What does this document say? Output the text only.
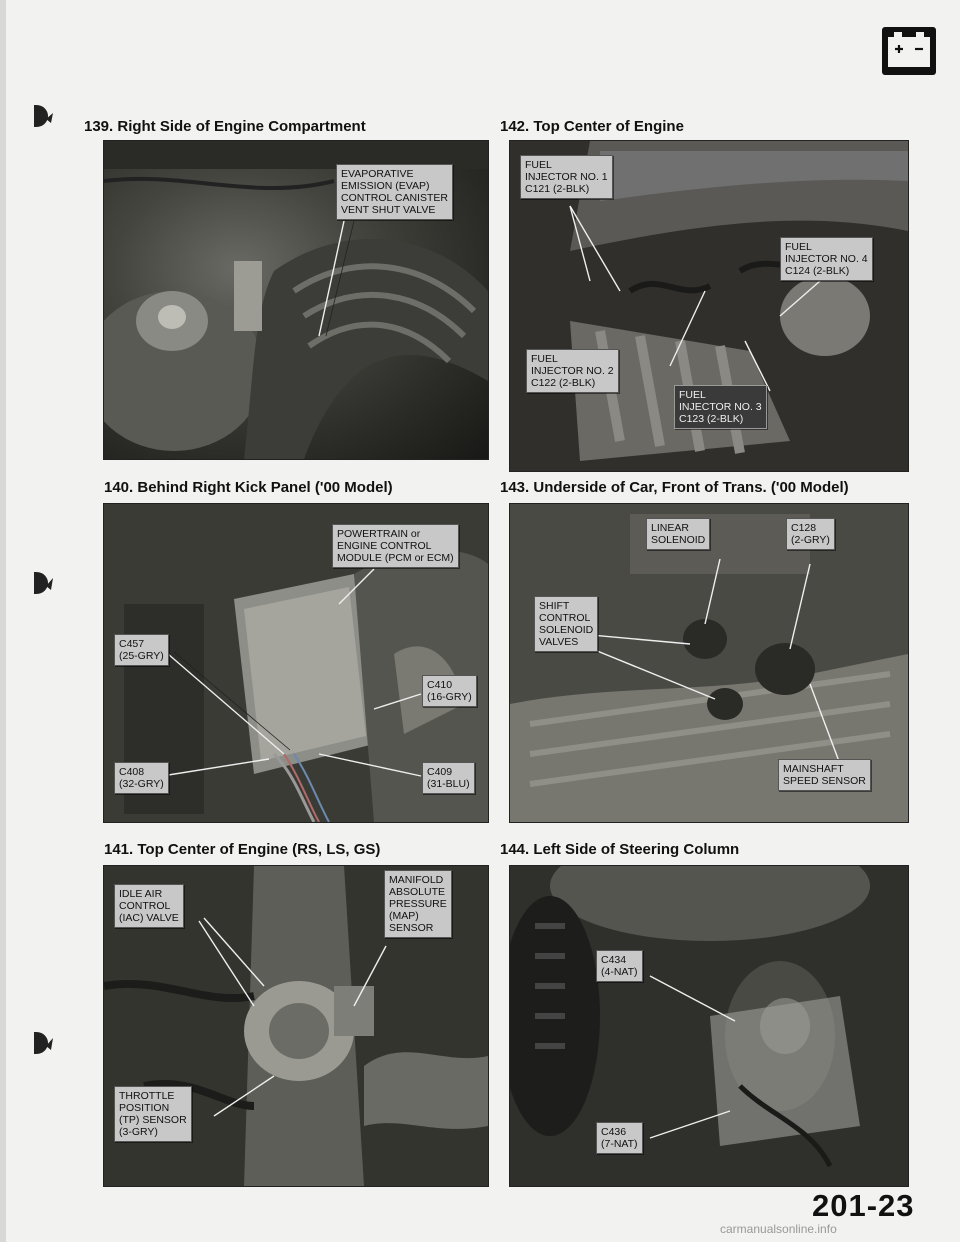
139. Right Side of Engine Compartment
EVAPORATIVE
EMISSION (EVAP)
CONTROL CANISTER
VENT SHUT VALVE
140. Behind Right Kick Panel ('00 Model)
POWERTRAIN or
ENGINE CONTROL
MODULE (PCM or ECM)
C457
(25-GRY)
C410
(16-GRY)
C408
(32-GRY)
C409
(31-BLU)
141. Top Center of Engine (RS, LS, GS)
IDLE AIR
CONTROL
(IAC) VALVE
MANIFOLD
ABSOLUTE
PRESSURE
(MAP)
SENSOR
THROTTLE
POSITION
(TP) SENSOR
(3-GRY)
142. Top Center of Engine
FUEL
INJECTOR NO. 1
C121 (2-BLK)
FUEL
INJECTOR NO. 4
C124 (2-BLK)
FUEL
INJECTOR NO. 2
C122 (2-BLK)
FUEL
INJECTOR NO. 3
C123 (2-BLK)
143. Underside of Car, Front of Trans. ('00 Model)
LINEAR
SOLENOID
C128
(2-GRY)
SHIFT
CONTROL
SOLENOID
VALVES
MAINSHAFT
SPEED SENSOR
144. Left Side of Steering Column
C434
(4-NAT)
C436
(7-NAT)
201-23
carmanualsonline.info
